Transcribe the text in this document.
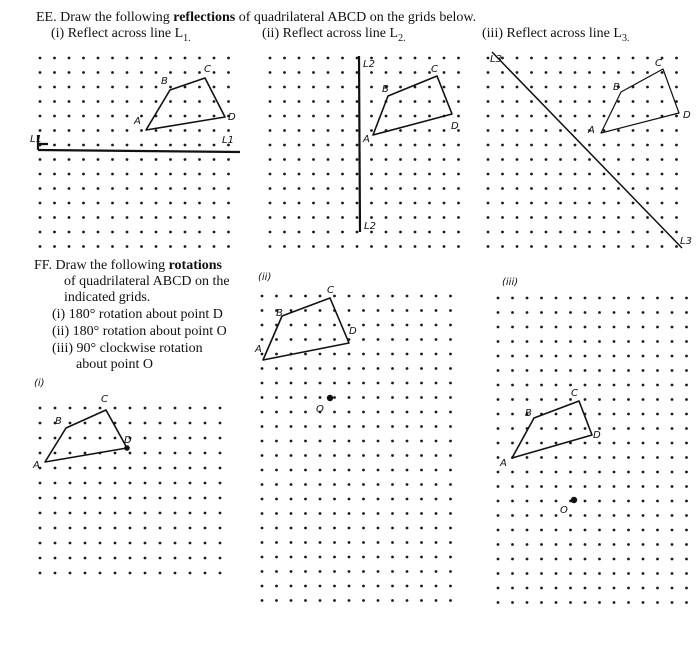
EE. Draw the following reflections of quadrilateral ABCD on the grids below.
(i) Reflect across line $L_{1.}$	(ii) Reflect across line $L_{2.}$	(iii) Reflect across line $L_{3.}$
FF. Draw the following rotations
of quadrilateral ABCD on the
indicated grids.
(i) 180° rotation about point D
(ii) 180° rotation about point O
(iii) 90° clockwise rotation
about point O
L1	L1
A
B
C
D
L2
L2
A
B
C
D
L3
L3
A
B
C
D
(i)
A
B
C
D
(ii)
A
B
C
D
O
(iii)
A
B
C
D
O
